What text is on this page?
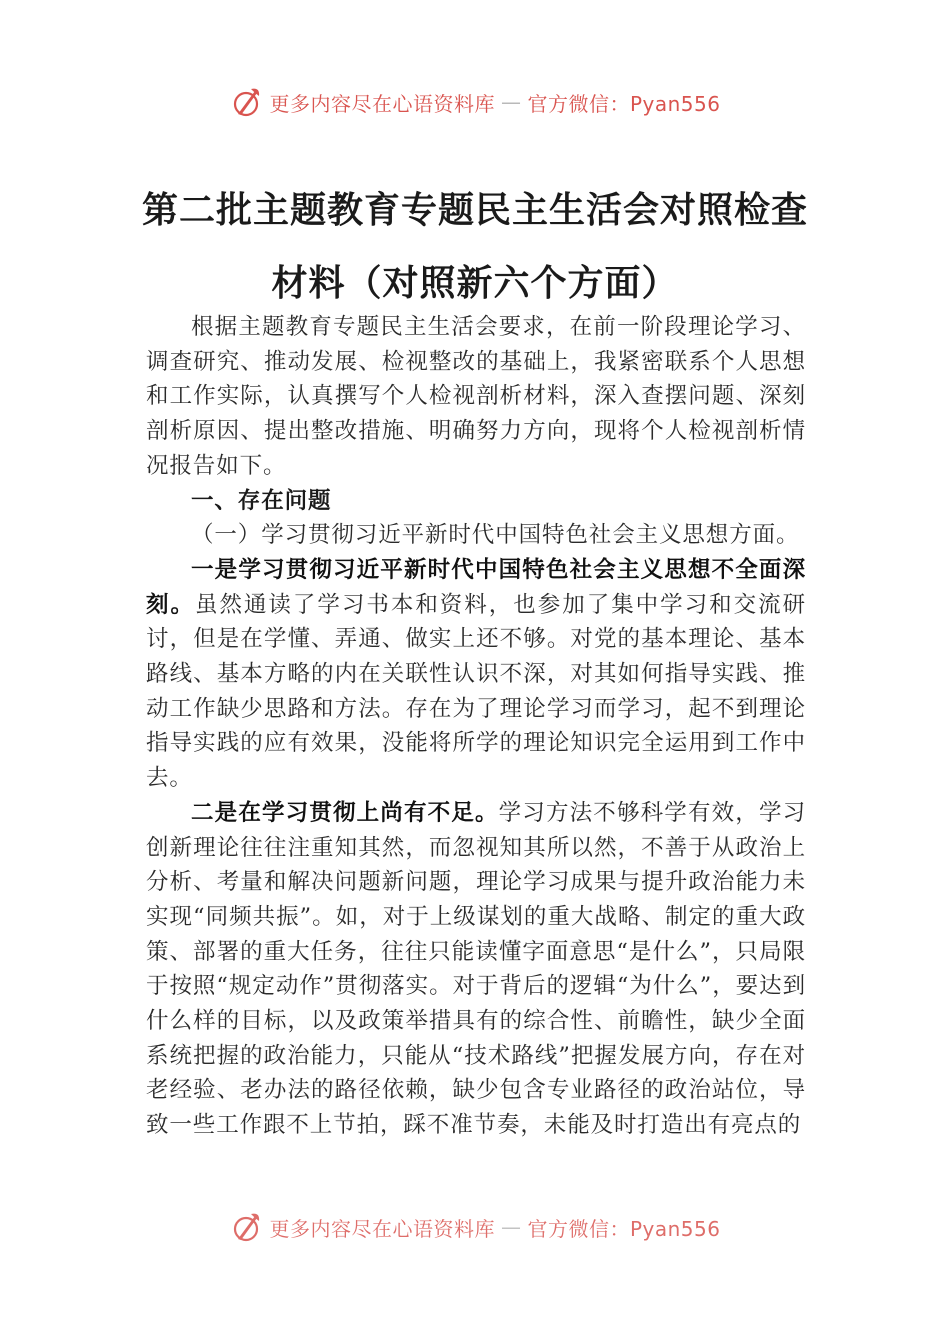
更多内容尽在心语资料库 — 官方微信：Pyan556
第二批主题教育专题民主生活会对照检查
材料（对照新六个方面）

根据主题教育专题民主生活会要求，在前一阶段理论学习、调查研究、推动发展、检视整改的基础上，我紧密联系个人思想和工作实际，认真撰写个人检视剖析材料，深入查摆问题、深刻剖析原因、提出整改措施、明确努力方向，现将个人检视剖析情况报告如下。

一、存在问题

（一）学习贯彻习近平新时代中国特色社会主义思想方面。

一是学习贯彻习近平新时代中国特色社会主义思想不全面深刻。虽然通读了学习书本和资料，也参加了集中学习和交流研讨，但是在学懂、弄通、做实上还不够。对党的基本理论、基本路线、基本方略的内在关联性认识不深，对其如何指导实践、推动工作缺少思路和方法。存在为了理论学习而学习，起不到理论指导实践的应有效果，没能将所学的理论知识完全运用到工作中去。

二是在学习贯彻上尚有不足。学习方法不够科学有效，学习创新理论往往注重知其然，而忽视知其所以然，不善于从政治上分析、考量和解决问题新问题，理论学习成果与提升政治能力未实现“同频共振”。如，对于上级谋划的重大战略、制定的重大政策、部署的重大任务，往往只能读懂字面意思“是什么”，只局限于按照“规定动作”贯彻落实。对于背后的逻辑“为什么”，要达到什么样的目标，以及政策举措具有的综合性、前瞻性，缺少全面系统把握的政治能力，只能从“技术路线”把握发展方向，存在对老经验、老办法的路径依赖，缺少包含专业路径的政治站位，导致一些工作跟不上节拍，踩不准节奏，未能及时打造出有亮点的

更多内容尽在心语资料库 — 官方微信：Pyan556
